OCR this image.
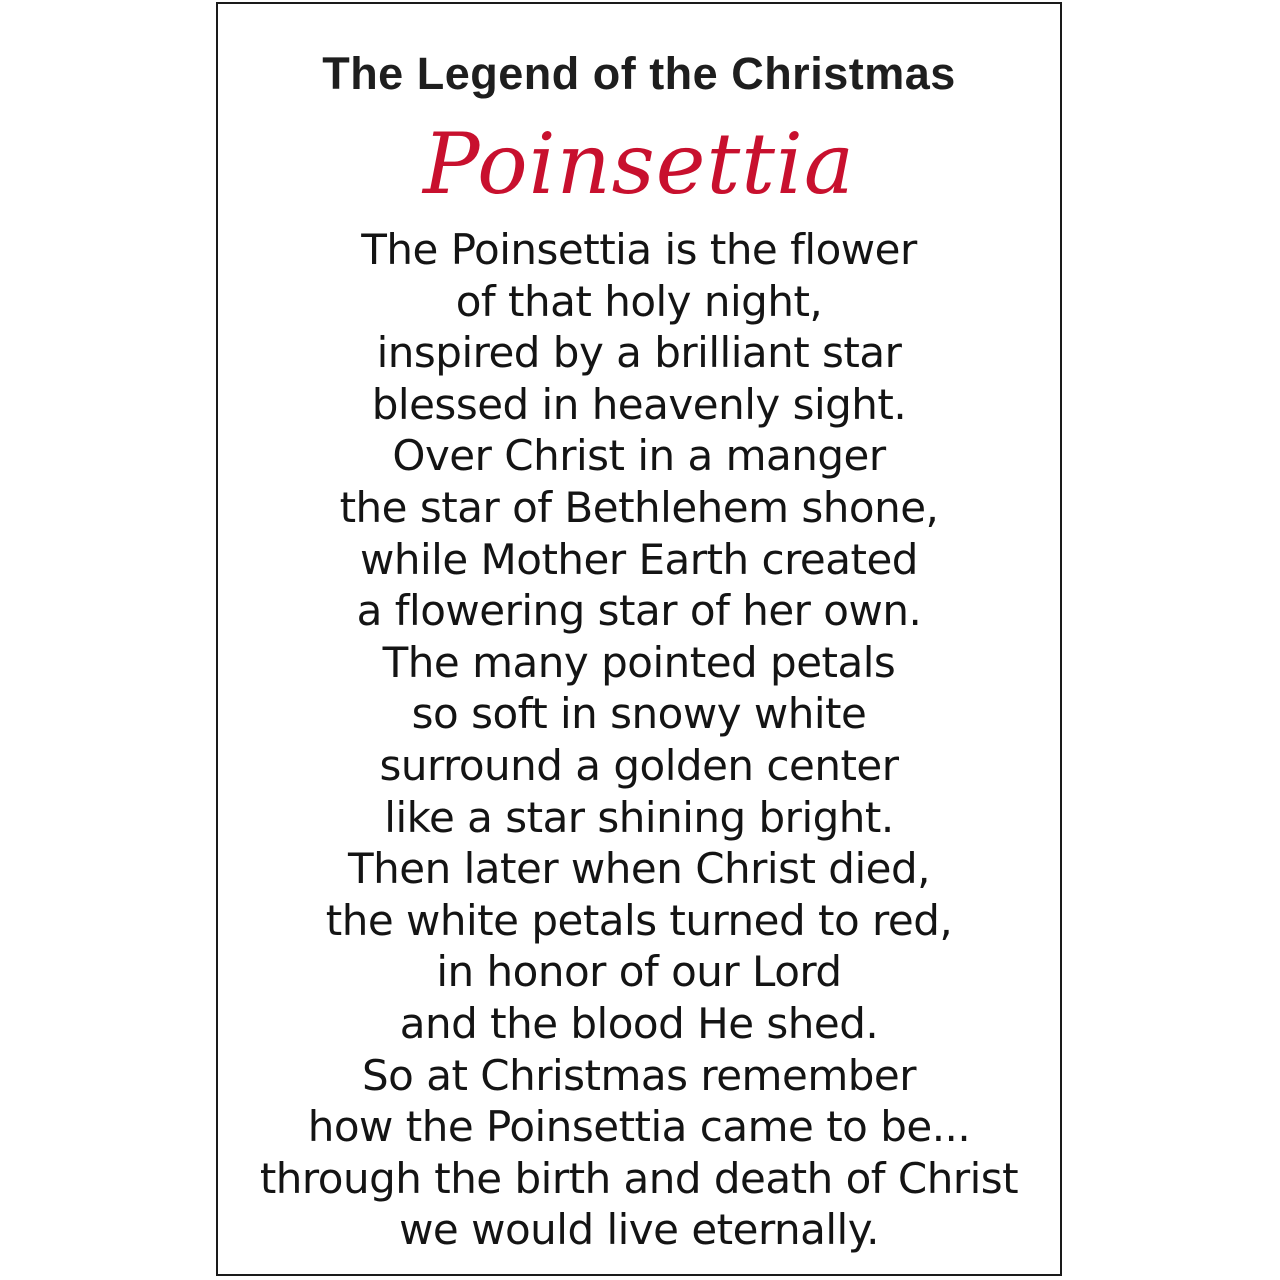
The Legend of the Christmas
Poinsettia
The Poinsettia is the flower
of that holy night,
inspired by a brilliant star
blessed in heavenly sight.
Over Christ in a manger
the star of Bethlehem shone,
while Mother Earth created
a flowering star of her own.
The many pointed petals
so soft in snowy white
surround a golden center
like a star shining bright.
Then later when Christ died,
the white petals turned to red,
in honor of our Lord
and the blood He shed.
So at Christmas remember
how the Poinsettia came to be...
through the birth and death of Christ
we would live eternally.
